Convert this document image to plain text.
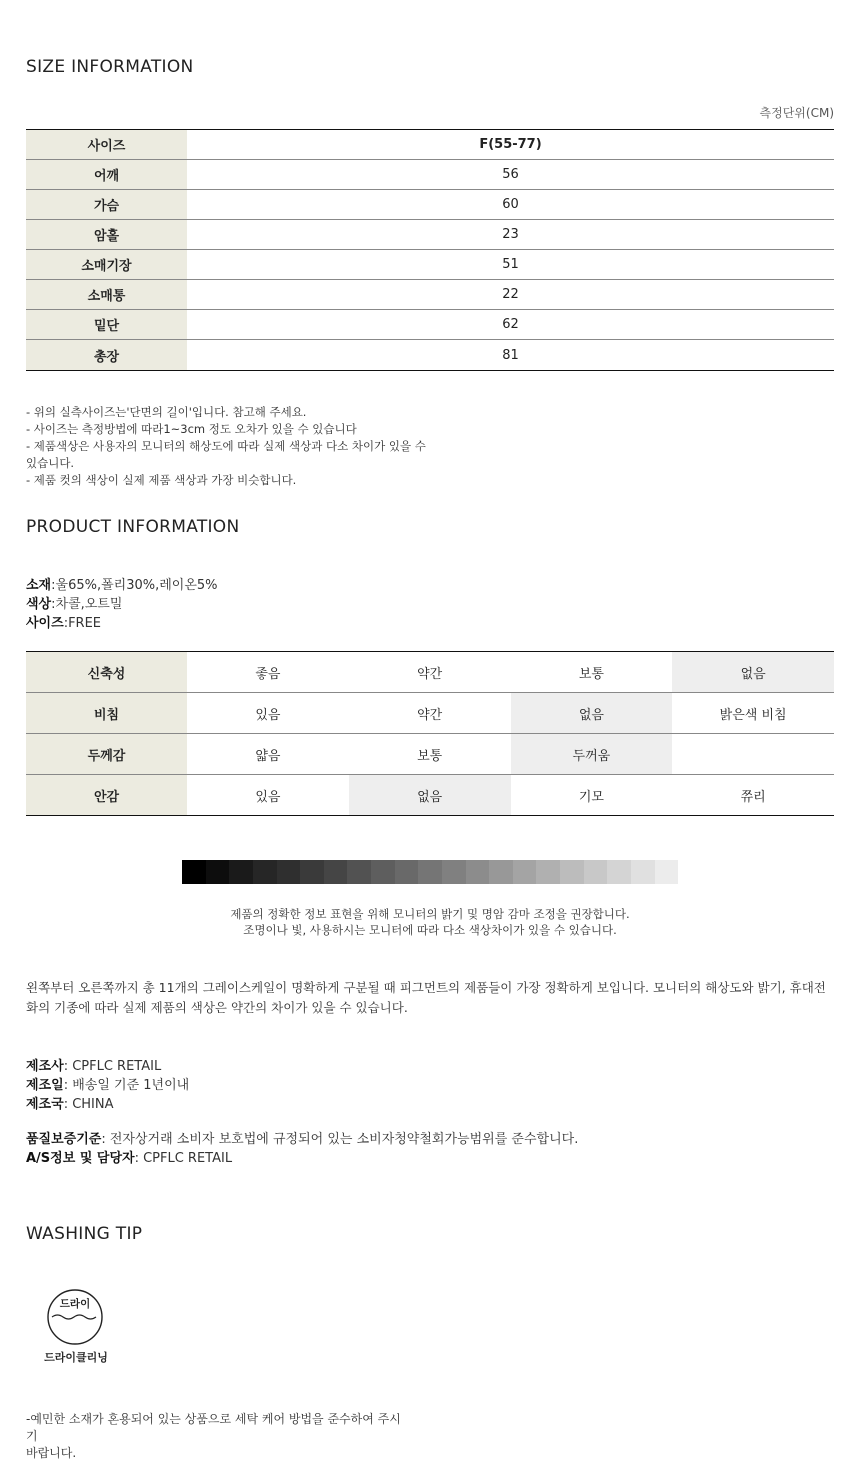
SIZE INFORMATION
측정단위(CM)
사이즈	F(55-77)
어깨	56
가슴	60
암홀	23
소매기장	51
소매통	22
밑단	62
총장	81

- 위의 실측사이즈는'단면의 길이'입니다. 참고해 주세요.

- 사이즈는 측정방법에 따라1~3cm 정도 오차가 있을 수 있습니다

- 제품색상은 사용자의 모니터의 해상도에 따라 실제 색상과 다소 차이가 있을 수

있습니다.

- 제품 컷의 색상이 실제 제품 색상과 가장 비슷합니다.

PRODUCT INFORMATION

소재:울65%,폴리30%,레이온5%

색상:차콜,오트밀

사이즈:FREE

신축성	좋음	약간	보통	없음
비침	있음	약간	없음	밝은색 비침
두께감	얇음	보통	두꺼움	
안감	있음	없음	기모	쮸리

제품의 정확한 정보 표현을 위해 모니터의 밝기 및 명암 감마 조정을 권장합니다.

조명이나 빛, 사용하시는 모니터에 따라 다소 색상차이가 있을 수 있습니다.

왼쪽부터 오른쪽까지 총 11개의 그레이스케일이 명확하게 구분될 때 피그먼트의 제품들이 가장 정확하게 보입니다. 모니터의 해상도와 밝기, 휴대전화의 기종에 따라 실제 제품의 색상은 약간의 차이가 있을 수 있습니다.

제조사: CPFLC RETAIL

제조일: 배송일 기준 1년이내

제조국: CHINA

품질보증기준: 전자상거래 소비자 보호법에 규정되어 있는 소비자청약철회가능범위를 준수합니다.

A/S정보 및 담당자: CPFLC RETAIL

WASHING TIP
드라이
드라이클리닝

-예민한 소재가 혼용되어 있는 상품으로 세탁 케어 방법을 준수하여 주시기

바랍니다.
